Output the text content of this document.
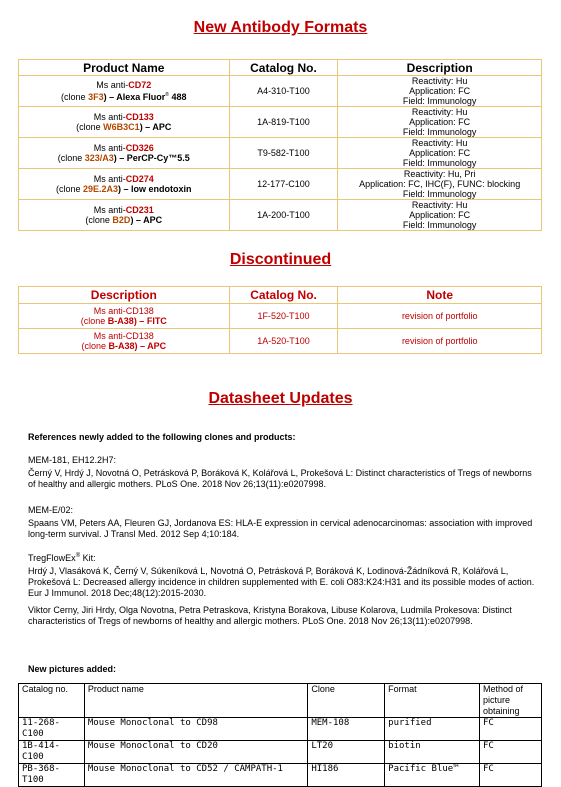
New Antibody Formats
Product Name	Catalog No.	Description
Ms anti-CD72
(clone 3F3) – Alexa Fluor® 488	A4-310-T100	Reactivity: Hu
Application: FC
Field: Immunology
Ms anti-CD133
(clone W6B3C1) – APC	1A-819-T100	Reactivity: Hu
Application: FC
Field: Immunology
Ms anti-CD326
(clone 323/A3) – PerCP-Cy™5.5	T9-582-T100	Reactivity: Hu
Application: FC
Field: Immunology
Ms anti-CD274
(clone 29E.2A3) – low endotoxin	12-177-C100	Reactivity: Hu, Pri
Application: FC, IHC(F), FUNC: blocking
Field: Immunology
Ms anti-CD231
(clone B2D) – APC	1A-200-T100	Reactivity: Hu
Application: FC
Field: Immunology
Discontinued
Description	Catalog No.	Note
Ms anti-CD138
(clone B-A38) – FITC	1F-520-T100	revision of portfolio
Ms anti-CD138
(clone B-A38) – APC	1A-520-T100	revision of portfolio
Datasheet Updates
References newly added to the following clones and products:
MEM-181, EH12.2H7:
Černý V, Hrdý J, Novotná O, Petrásková P, Boráková K, Kolářová L, Prokešová L: Distinct characteristics of Tregs of newborns of healthy and allergic mothers. PLoS One. 2018 Nov 26;13(11):e0207998.
MEM-E/02:
Spaans VM, Peters AA, Fleuren GJ, Jordanova ES: HLA-E expression in cervical adenocarcinomas: association with improved long-term survival. J Transl Med. 2012 Sep 4;10:184.
TregFlowEx® Kit:
Hrdý J, Vlasáková K, Černý V, Súkeníková L, Novotná O, Petrásková P, Boráková K, Lodinová-Žádníková R, Kolářová L, Prokešová L: Decreased allergy incidence in children supplemented with E. coli O83:K24:H31 and its possible modes of action. Eur J Immunol. 2018 Dec;48(12):2015-2030.
Viktor Cerny, Jiri Hrdy, Olga Novotna, Petra Petraskova, Kristyna Borakova, Libuse Kolarova, Ludmila Prokesova: Distinct characteristics of Tregs of newborns of healthy and allergic mothers. PLoS One. 2018 Nov 26;13(11):e0207998.
New pictures added:
Catalog no.	Product name	Clone	Format	Method of picture obtaining
11-268-C100	Mouse Monoclonal to CD98	MEM-108	purified	FC
1B-414-C100	Mouse Monoclonal to CD20	LT20	biotin	FC
PB-368-T100	Mouse Monoclonal to CD52 / CAMPATH-1	HI186	Pacific Blue™	FC
